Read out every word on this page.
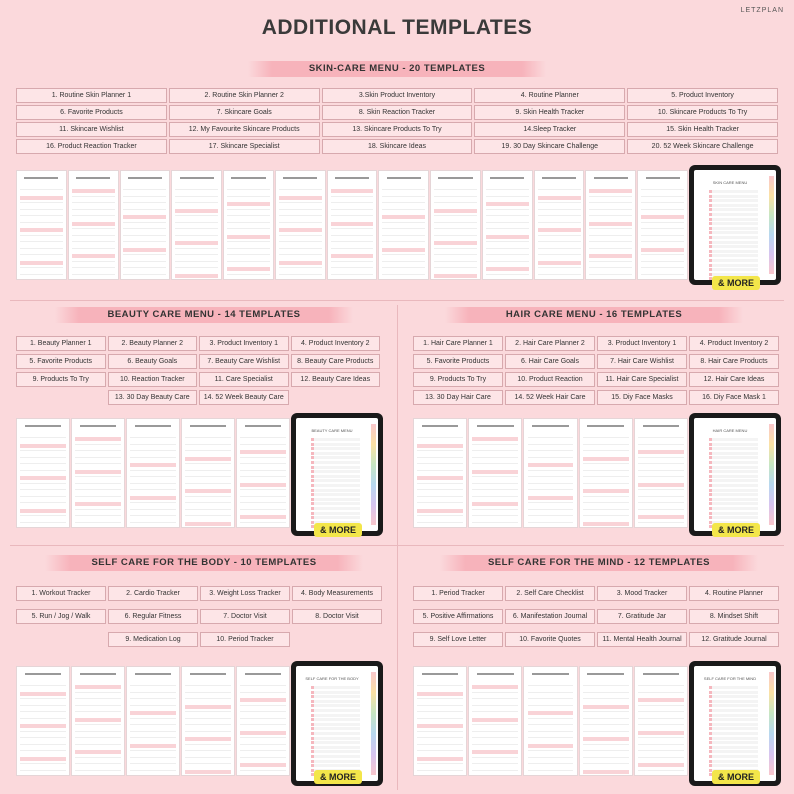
LETZPLAN
ADDITIONAL TEMPLATES
SKIN-CARE MENU - 20 TEMPLATES
1. Routine Skin Planner 1	2. Routine Skin Planner 2	3.Skin Product Inventory	4. Routine Planner	5. Product Inventory
6. Favorite Products	7. Skincare Goals	8. Skin Reaction Tracker	9. Skin Health Tracker	10. Skincare Products To Try
11. Skincare Wishlist	12. My Favourite Skincare Products	13. Skincare Products To Try	14.Sleep Tracker	15. Skin Health Tracker
16. Product Reaction Tracker	17. Skincare Specialist	18. Skincare Ideas	19. 30 Day Skincare Challenge	20. 52 Week Skincare Challenge
SKIN CARE MENU
& MORE
BEAUTY CARE MENU - 14 TEMPLATES
1. Beauty Planner 1	2. Beauty Planner 2	3. Product Inventory 1	4. Product Inventory 2
5. Favorite Products	6. Beauty Goals	7. Beauty Care Wishlist	8. Beauty Care Products
9. Products To Try	10. Reaction Tracker	11. Care Specialist	12. Beauty Care Ideas
13. 30 Day Beauty Care	14. 52 Week Beauty Care
BEAUTY CARE MENU
& MORE
HAIR CARE MENU - 16 TEMPLATES
1. Hair Care Planner 1	2. Hair Care Planner 2	3. Product Inventory 1	4. Product Inventory 2
5. Favorite Products	6. Hair Care Goals	7. Hair Care Wishlist	8. Hair Care Products
9. Products To Try	10. Product Reaction	11. Hair Care Specialist	12. Hair Care Ideas
13. 30 Day Hair Care	14. 52 Week Hair Care	15. Diy Face Masks	16. Diy Face Mask 1
HAIR CARE MENU
& MORE
SELF CARE FOR THE BODY - 10 TEMPLATES
1. Workout Tracker	2. Cardio Tracker	3. Weight Loss Tracker	4. Body Measurements
5. Run / Jog / Walk	6. Regular Fitness	7. Doctor Visit	8. Doctor Visit
9. Medication Log	10. Period Tracker
SELF CARE FOR THE BODY
& MORE
SELF CARE FOR THE MIND - 12 TEMPLATES
1. Period Tracker	2. Self Care Checklist	3. Mood Tracker	4. Routine Planner
5. Positive Affirmations	6. Manifestation Journal	7. Gratitude Jar	8. Mindset Shift
9. Self Love Letter	10. Favorite Quotes	11. Mental Health Journal	12. Gratitude Journal
SELF CARE FOR THE MIND
& MORE
